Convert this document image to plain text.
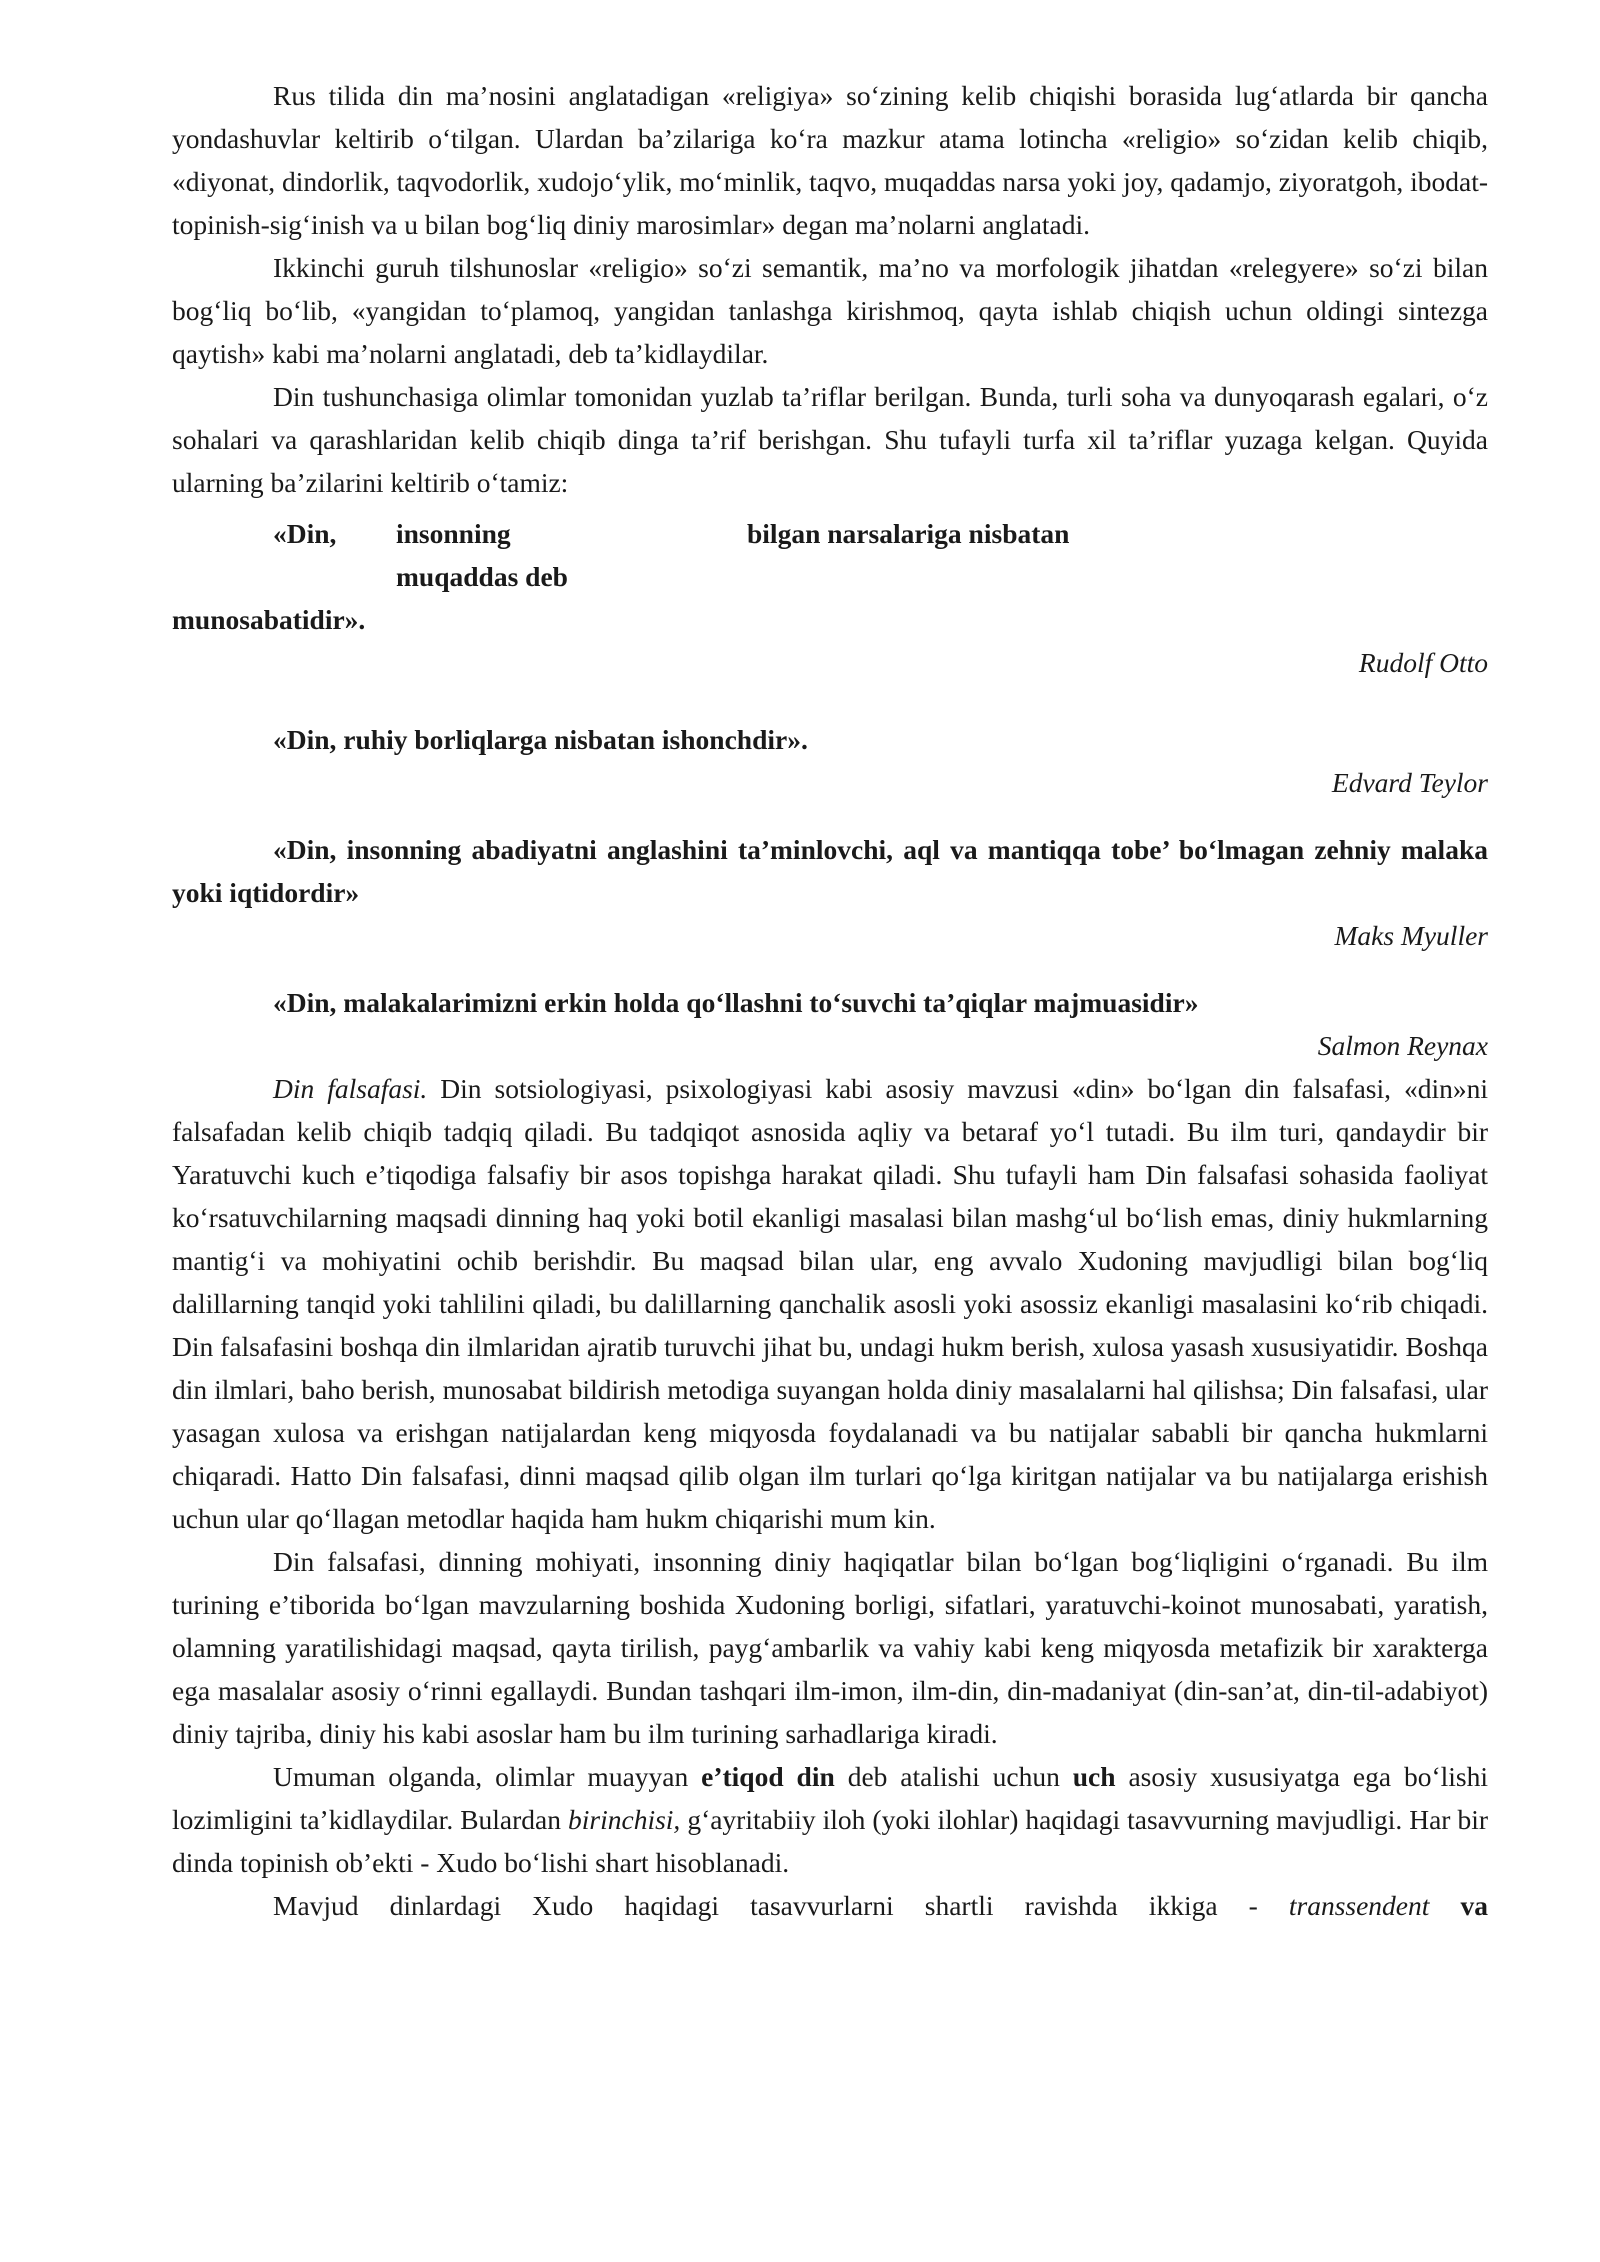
Rus tilida din ma’nosini anglatadigan «religiya» so‘zining kelib chiqishi borasida lug‘atlarda bir qancha yondashuvlar keltirib o‘tilgan. Ulardan ba’zilariga ko‘ra mazkur atama lotincha «religio» so‘zidan kelib chiqib, «diyonat, dindorlik, taqvodorlik, xudojo‘ylik, mo‘minlik, taqvo, muqaddas narsa yoki joy, qadamjo, ziyoratgoh, ibodat-topinish-sig‘inish va u bilan bog‘liq diniy marosimlar» degan ma’nolarni anglatadi.

Ikkinchi guruh tilshunoslar «religio» so‘zi semantik, ma’no va morfologik jihatdan «relegyere» so‘zi bilan bog‘liq bo‘lib, «yangidan to‘plamoq, yangidan tanlashga kirishmoq, qayta ishlab chiqish uchun oldingi sintezga qaytish» kabi ma’nolarni anglatadi, deb ta’kidlaydilar.

Din tushunchasiga olimlar tomonidan yuzlab ta’riflar berilgan. Bunda, turli soha va dunyoqarash egalari, o‘z sohalari va qarashlaridan kelib chiqib dinga ta’rif berishgan. Shu tufayli turfa xil ta’riflar yuzaga kelgan. Quyida ularning ba’zilarini keltirib o‘tamiz:

«Din,	insonning muqaddas deb
bilgan narsalariga nisbatan
munosabatidir».
Rudolf Otto

«Din, ruhiy borliqlarga nisbatan ishonchdir».

Edvard Teylor

«Din, insonning abadiyatni anglashini ta’minlovchi, aql va mantiqqa tobe’ bo‘lmagan zehniy malaka yoki iqtidordir»

Maks Myuller

«Din, malakalarimizni erkin holda qo‘llashni to‘suvchi ta’qiqlar majmuasidir»

Salmon Reynax

Din falsafasi. Din sotsiologiyasi, psixologiyasi kabi asosiy mavzusi «din» bo‘lgan din falsafasi, «din»ni falsafadan kelib chiqib tadqiq qiladi. Bu tadqiqot asnosida aqliy va betaraf yo‘l tutadi. Bu ilm turi, qandaydir bir Yaratuvchi kuch e’tiqodiga falsafiy bir asos topishga harakat qiladi. Shu tufayli ham Din falsafasi sohasida faoliyat ko‘rsatuvchilarning maqsadi dinning haq yoki botil ekanligi masalasi bilan mashg‘ul bo‘lish emas, diniy hukmlarning mantig‘i va mohiyatini ochib berishdir. Bu maqsad bilan ular, eng avvalo Xudoning mavjudligi bilan bog‘liq dalillarning tanqid yoki tahlilini qiladi, bu dalillarning qanchalik asosli yoki asossiz ekanligi masalasini ko‘rib chiqadi. Din falsafasini boshqa din ilmlaridan ajratib turuvchi jihat bu, undagi hukm berish, xulosa yasash xususiyatidir. Boshqa din ilmlari, baho berish, munosabat bildirish metodiga suyangan holda diniy masalalarni hal qilishsa; Din falsafasi, ular yasagan xulosa va erishgan natijalardan keng miqyosda foydalanadi va bu natijalar sababli bir qancha hukmlarni chiqaradi. Hatto Din falsafasi, dinni maqsad qilib olgan ilm turlari qo‘lga kiritgan natijalar va bu natijalarga erishish uchun ular qo‘llagan metodlar haqida ham hukm chiqarishi mum kin.

Din falsafasi, dinning mohiyati, insonning diniy haqiqatlar bilan bo‘lgan bog‘liqligini o‘rganadi. Bu ilm turining e’tiborida bo‘lgan mavzularning boshida Xudoning borligi, sifatlari, yaratuvchi-koinot munosabati, yaratish, olamning yaratilishidagi maqsad, qayta tirilish, payg‘ambarlik va vahiy kabi keng miqyosda metafizik bir xarakterga ega masalalar asosiy o‘rinni egallaydi. Bundan tashqari ilm-imon, ilm-din, din-madaniyat (din-san’at, din-til-adabiyot) diniy tajriba, diniy his kabi asoslar ham bu ilm turining sarhadlariga kiradi.

Umuman olganda, olimlar muayyan e’tiqod din deb atalishi uchun uch asosiy xususiyatga ega bo‘lishi lozimligini ta’kidlaydilar. Bulardan birinchisi, g‘ayritabiiy iloh (yoki ilohlar) haqidagi tasavvurning mavjudligi. Har bir dinda topinish ob’ekti - Xudo bo‘lishi shart hisoblanadi.

Mavjud dinlardagi Xudo haqidagi tasavvurlarni shartli ravishda ikkiga - transsendent va
